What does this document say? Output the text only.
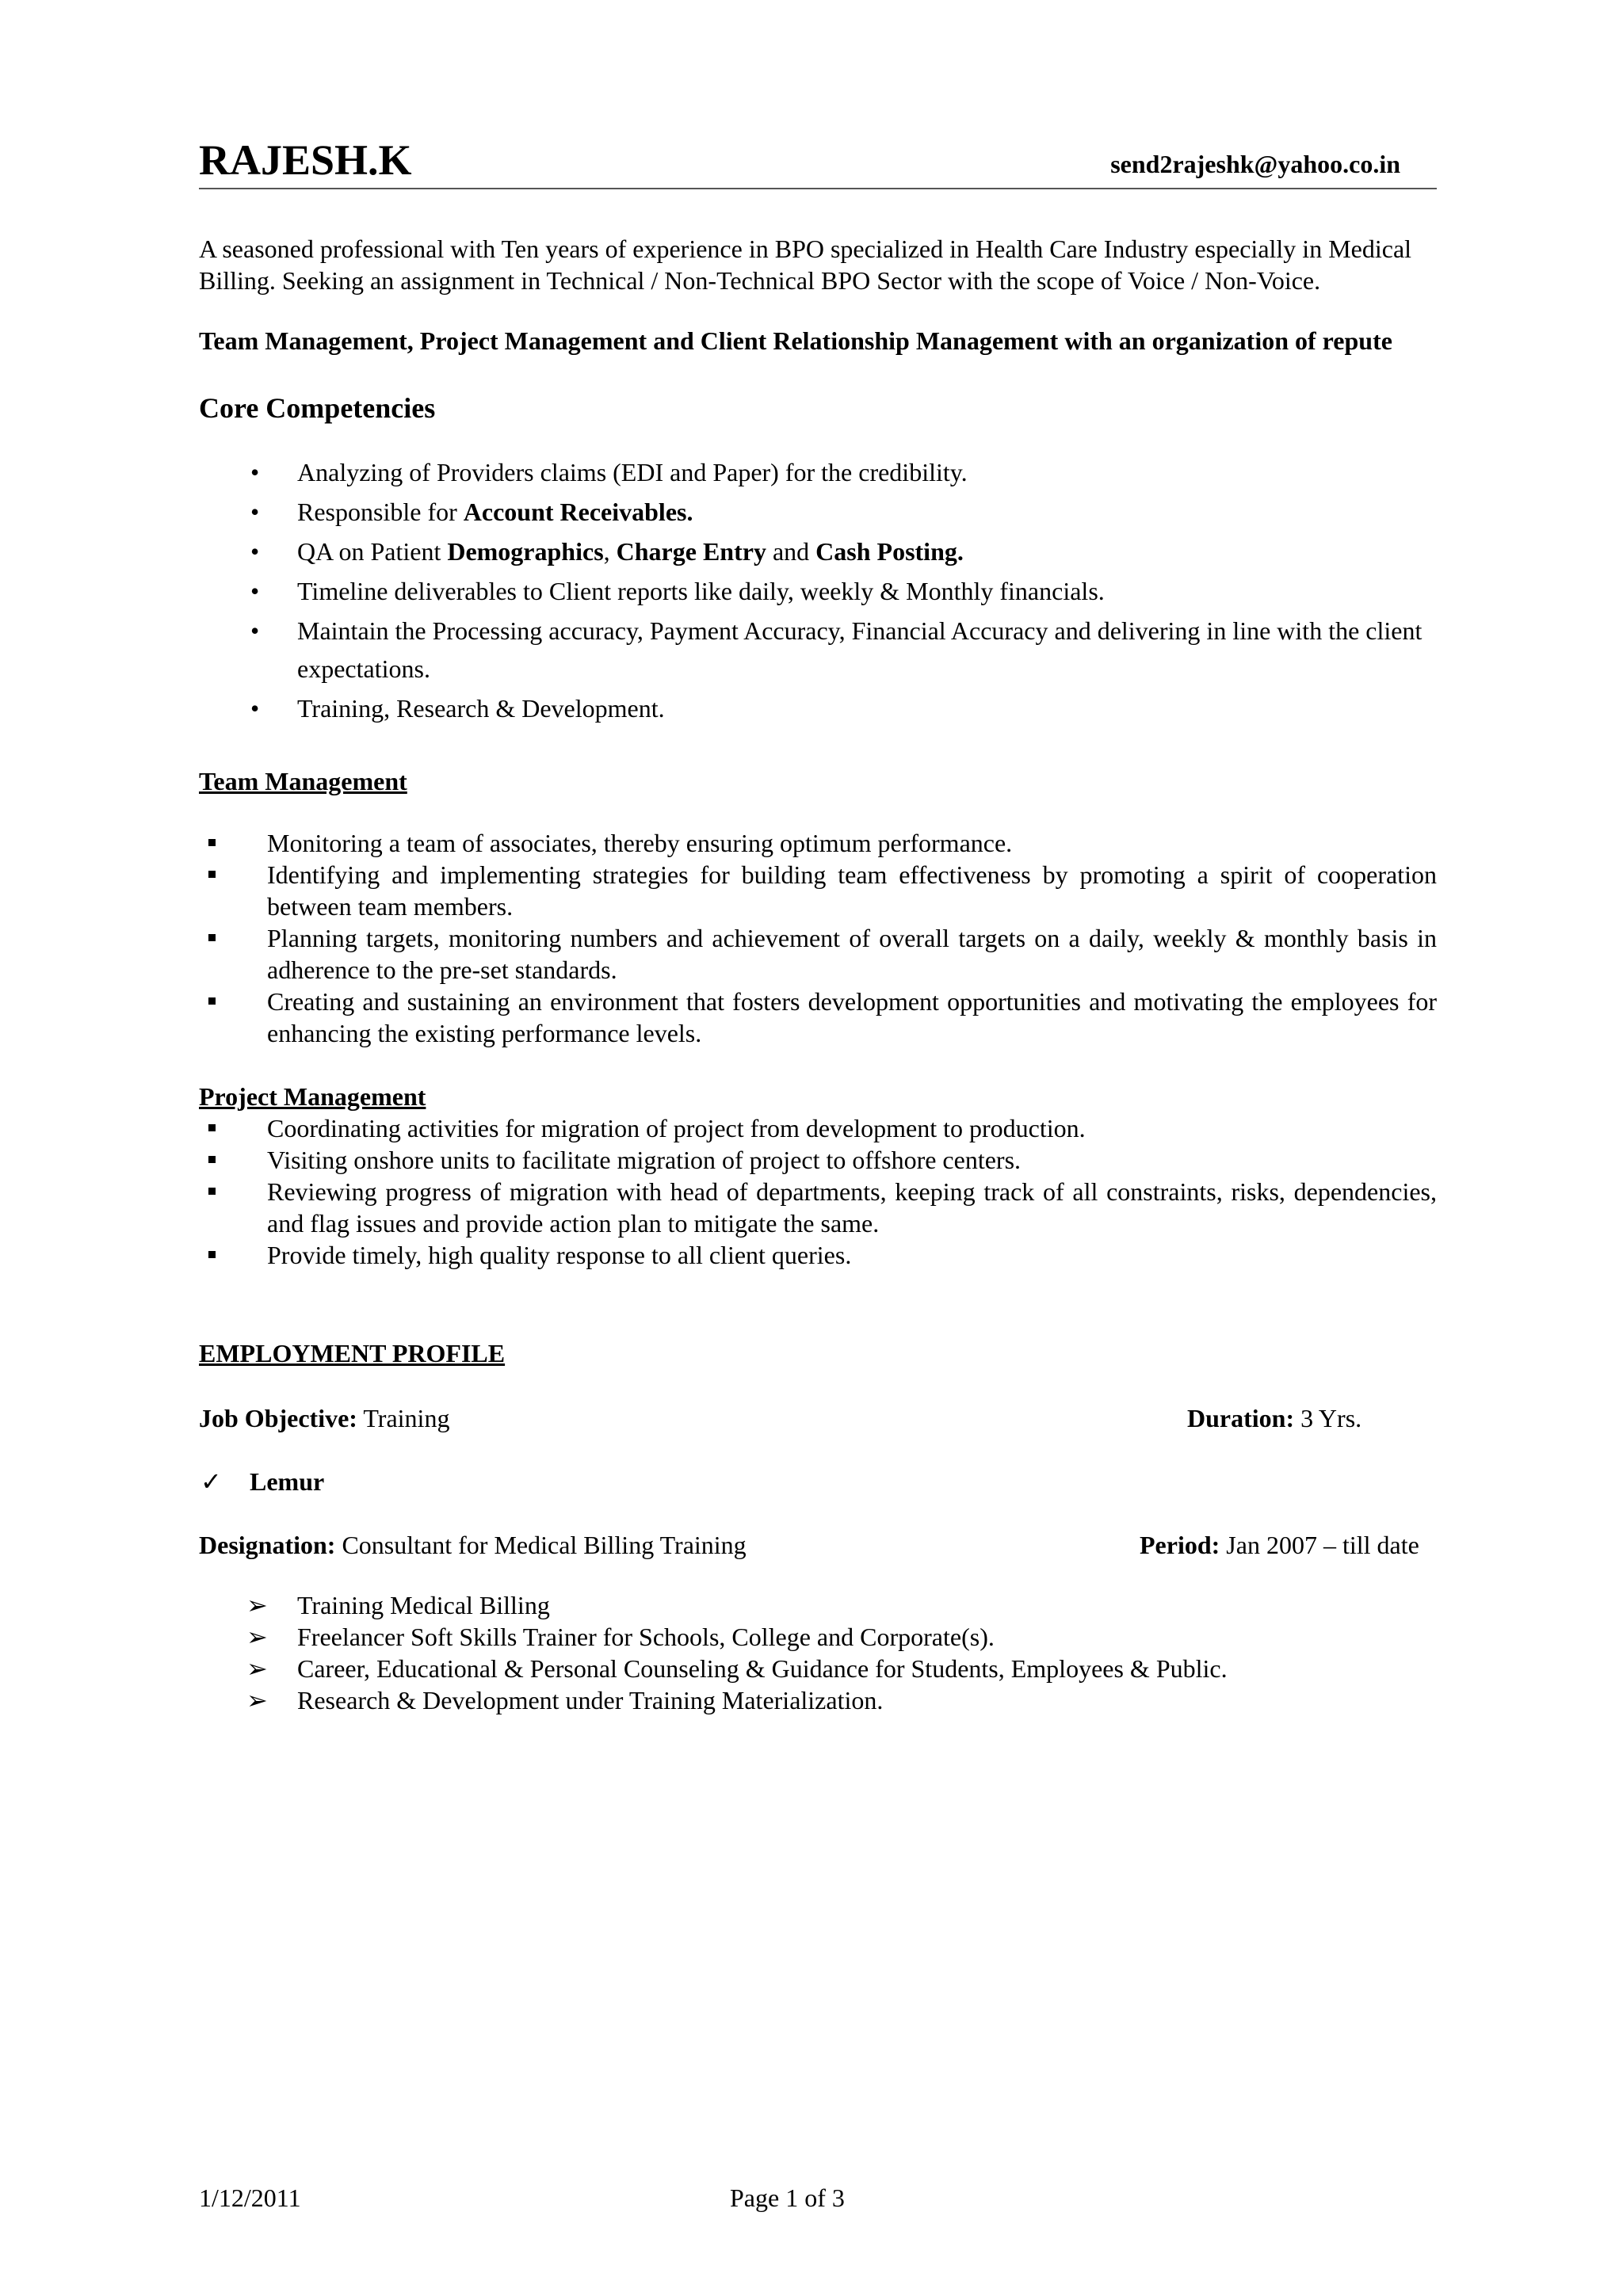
RAJESH.K	send2rajeshk@yahoo.co.in

A seasoned professional with Ten years of experience in BPO specialized in Health Care Industry especially in Medical Billing. Seeking an assignment in Technical / Non-Technical BPO Sector with the scope of Voice / Non-Voice.

Team Management, Project Management and Client Relationship Management with an organization of repute

Core Competencies
• Analyzing of Providers claims (EDI and Paper) for the credibility.
• Responsible for Account Receivables.
• QA on Patient Demographics, Charge Entry and Cash Posting.
• Timeline deliverables to Client reports like daily, weekly & Monthly financials.
• Maintain the Processing accuracy, Payment Accuracy, Financial Accuracy and delivering in line with the client expectations.
• Training, Research & Development.
Team Management
Monitoring a team of associates, thereby ensuring optimum performance.
Identifying and implementing strategies for building team effectiveness by promoting a spirit of cooperation between team members.
Planning targets, monitoring numbers and achievement of overall targets on a daily, weekly & monthly basis in adherence to the pre-set standards.
Creating and sustaining an environment that fosters development opportunities and motivating the employees for enhancing the existing performance levels.
Project Management
Coordinating activities for migration of project from development to production.
Visiting onshore units to facilitate migration of project to offshore centers.
Reviewing progress of migration with head of departments, keeping track of all constraints, risks, dependencies, and flag issues and provide action plan to mitigate the same.
Provide timely, high quality response to all client queries.
EMPLOYMENT PROFILE
Job Objective: Training	Duration: 3 Yrs.
✓ Lemur
Designation: Consultant for Medical Billing Training	Period: Jan 2007 – till date
➢ Training Medical Billing
➢ Freelancer Soft Skills Trainer for Schools, College and Corporate(s).
➢ Career, Educational & Personal Counseling & Guidance for Students, Employees & Public.
➢ Research & Development under Training Materialization.
1/12/2011	Page 1 of 3
